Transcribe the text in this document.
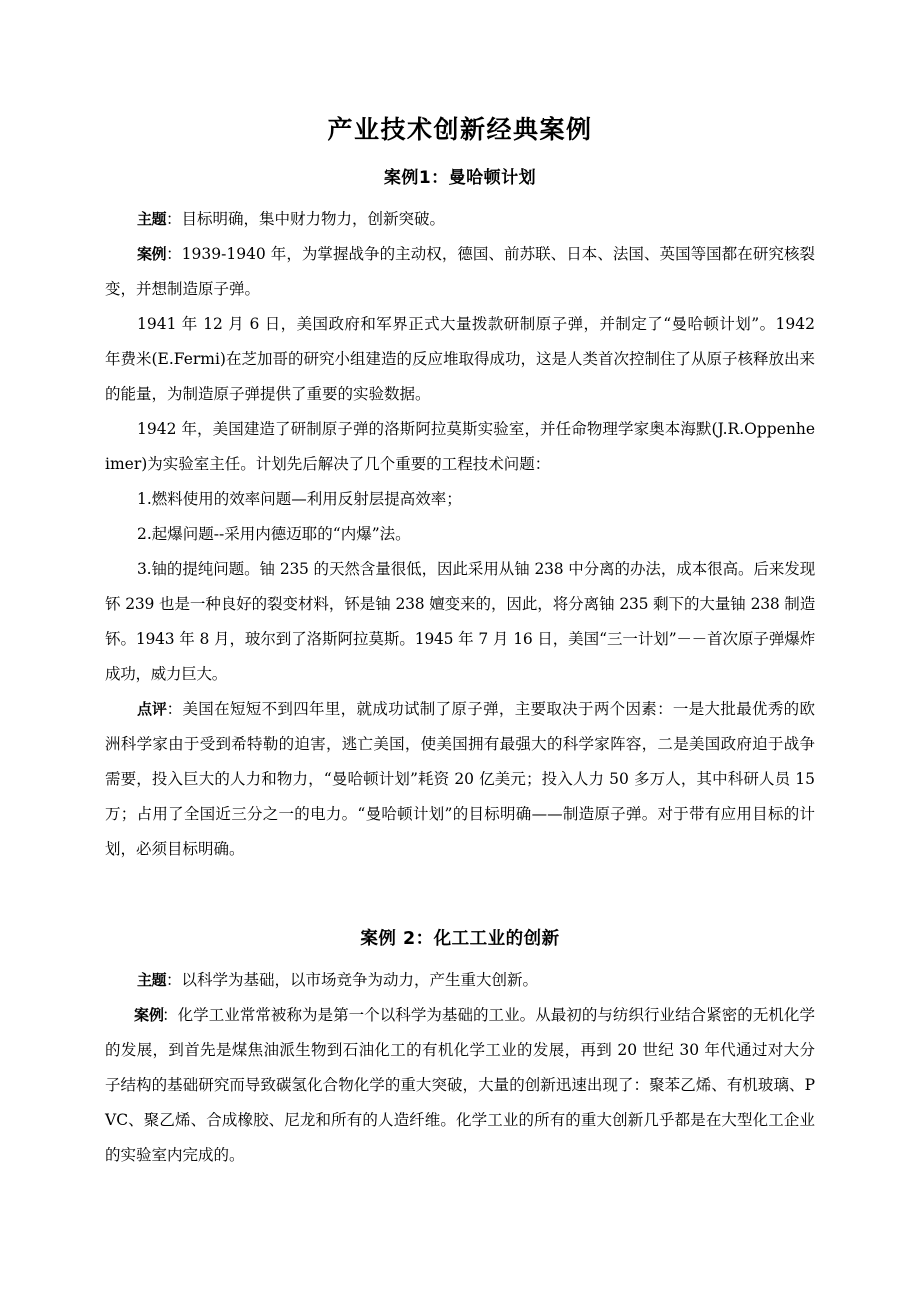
产业技术创新经典案例
案例1：曼哈顿计划

主题：目标明确，集中财力物力，创新突破。

案例：1939-1940 年，为掌握战争的主动权，德国、前苏联、日本、法国、英国等国都在研究核裂变，并想制造原子弹。

1941 年 12 月 6 日，美国政府和军界正式大量拨款研制原子弹，并制定了“曼哈顿计划”。1942 年费米(E.Fermi)在芝加哥的研究小组建造的反应堆取得成功，这是人类首次控制住了从原子核释放出来的能量，为制造原子弹提供了重要的实验数据。

1942 年，美国建造了研制原子弹的洛斯阿拉莫斯实验室，并任命物理学家奥本海默(J.R.Oppenheimer)为实验室主任。计划先后解决了几个重要的工程技术问题：

1.燃料使用的效率问题—利用反射层提高效率；

2.起爆问题--采用内德迈耶的“内爆”法。

3.铀的提纯问题。铀 235 的天然含量很低，因此采用从铀 238 中分离的办法，成本很高。后来发现钚 239 也是一种良好的裂变材料，钚是铀 238 嬗变来的，因此，将分离铀 235 剩下的大量铀 238 制造钚。1943 年 8 月，玻尔到了洛斯阿拉莫斯。1945 年 7 月 16 日，美国“三一计划”－－首次原子弹爆炸成功，威力巨大。

点评：美国在短短不到四年里，就成功试制了原子弹，主要取决于两个因素：一是大批最优秀的欧洲科学家由于受到希特勒的迫害，逃亡美国，使美国拥有最强大的科学家阵容，二是美国政府迫于战争需要，投入巨大的人力和物力，“曼哈顿计划”耗资 20 亿美元；投入人力 50 多万人，其中科研人员 15 万；占用了全国近三分之一的电力。“曼哈顿计划”的目标明确——制造原子弹。对于带有应用目标的计划，必须目标明确。

案例 2：化工工业的创新

主题：以科学为基础，以市场竞争为动力，产生重大创新。

案例：化学工业常常被称为是第一个以科学为基础的工业。从最初的与纺织行业结合紧密的无机化学的发展，到首先是煤焦油派生物到石油化工的有机化学工业的发展，再到 20 世纪 30 年代通过对大分子结构的基础研究而导致碳氢化合物化学的重大突破，大量的创新迅速出现了：聚苯乙烯、有机玻璃、PVC、聚乙烯、合成橡胶、尼龙和所有的人造纤维。化学工业的所有的重大创新几乎都是在大型化工企业的实验室内完成的。
